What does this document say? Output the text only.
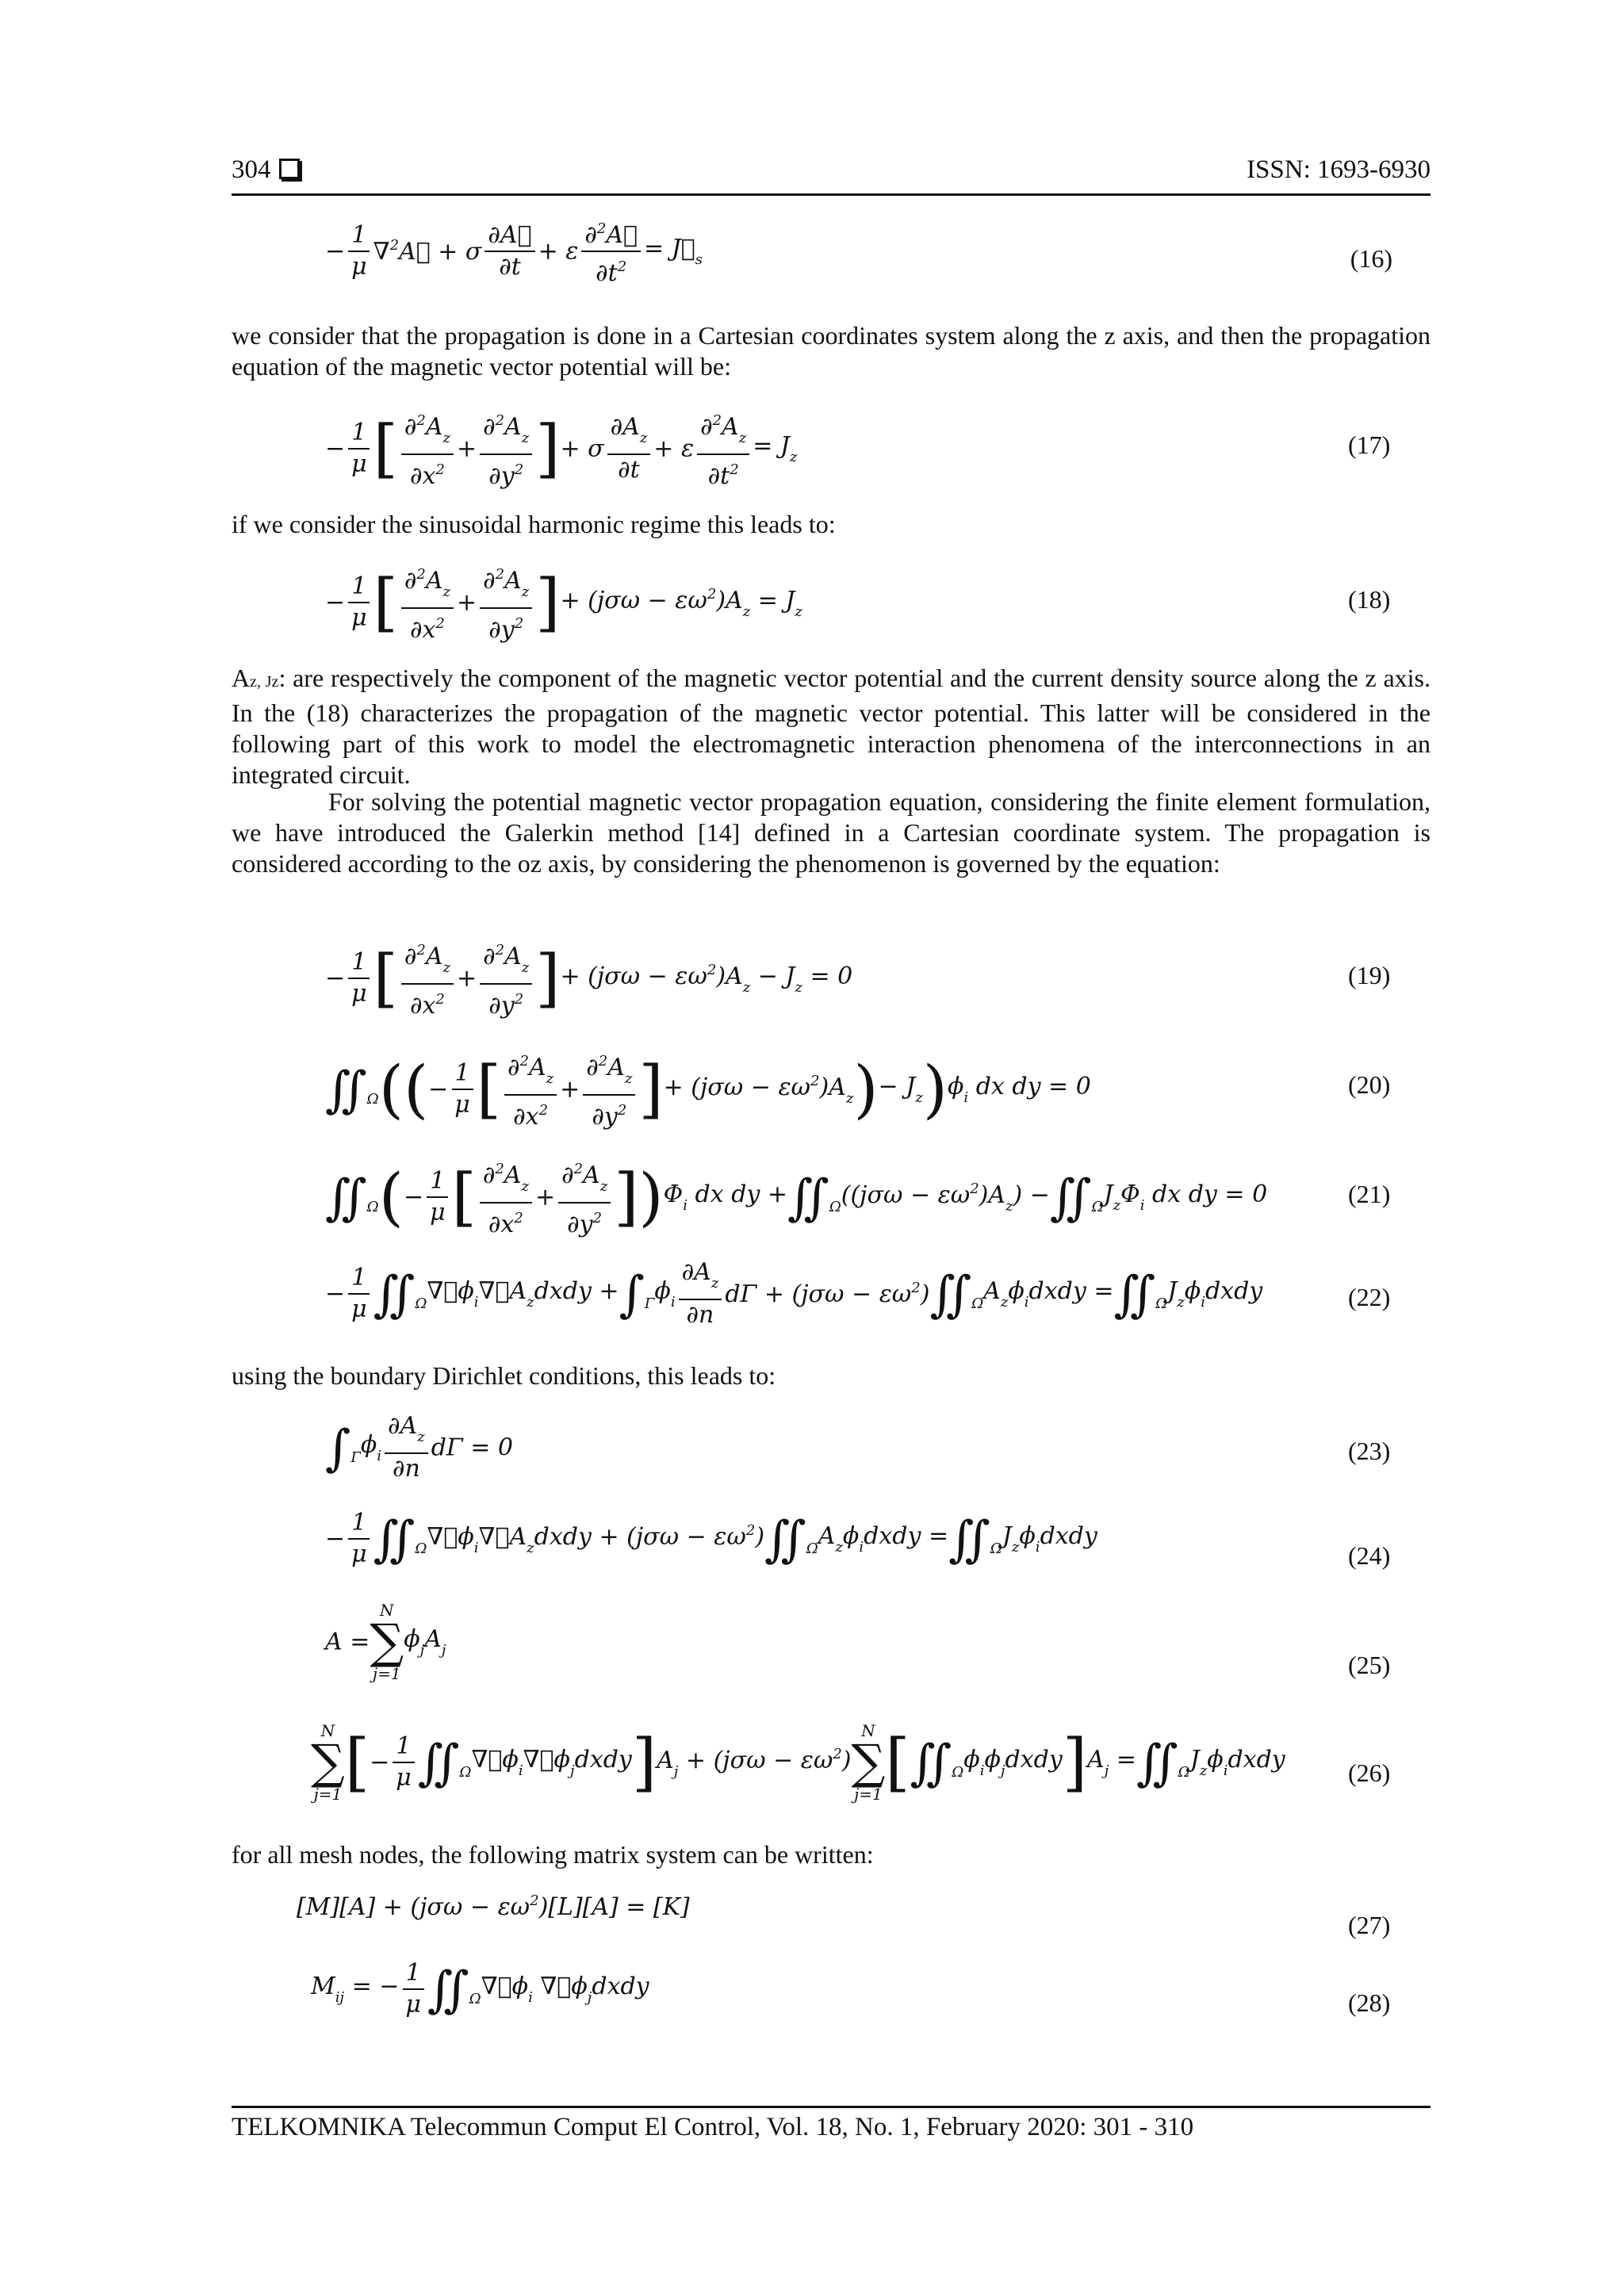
304	ISSN: 1693-6930
− $\frac{1}{\mu}$ ∇$^2$A⃗ + σ $\frac{\partial A⃗}{\partial t} + \varepsilon \frac{\partial^2A⃗}{\partial t^2}$ = $J⃗_s$	(16)
we consider that the propagation is done in a Cartesian coordinates system along the z axis, and then the propagation equation of the magnetic vector potential will be:
− $\frac{1}{\mu}$ [ $\frac{\partial^2A_z}{\partial x^2} + \frac{\partial^2A_z}{\partial y^2}$ ]+ σ $\frac{\partial A_z}{\partial t} + \varepsilon \frac{\partial^2A_z}{\partial t^2} = J_z$	(17)
if we consider the sinusoidal harmonic regime this leads to:
− $\frac{1}{\mu}$ [ $\frac{\partial^2A_z}{\partial x^2} + \frac{\partial^2A_z}{\partial y^2}$ ]+ $(j\sigma\omega - \varepsilon\omega^2)A_z = J_z$	(18)
Az, Jz: are respectively the component of the magnetic vector potential and the current density source along the z axis. In the (18) characterizes the propagation of the magnetic vector potential. This latter will be considered in the following part of this work to model the electromagnetic interaction phenomena of the interconnections in an integrated circuit.
For solving the potential magnetic vector propagation equation, considering the finite element formulation, we have introduced the Galerkin method [14] defined in a Cartesian coordinate system. The propagation is considered according to the oz axis, by considering the phenomenon is governed by the equation:
− $\frac{1}{\mu}$ [ $\frac{\partial^2A_z}{\partial x^2} + \frac{\partial^2A_z}{\partial y^2}$ ]+ $(j\sigma\omega - \varepsilon\omega^2)A_z - J_z = 0$	(19)
$∬_\Omega((- \frac{1}{\mu}$ [ $\frac{\partial^2A_z}{\partial x^2} + \frac{\partial^2A_z}{\partial y^2}$ ]+ $(j\sigma\omega - \varepsilon\omega^2)A_z)- J_z)\phi_i$ dx dy = 0	(20)
$∬_\Omega(- \frac{1}{\mu}$ [ $\frac{\partial^2A_z}{\partial x^2} + \frac{\partial^2A_z}{\partial y^2} ])\Phi_i$ dx dy $+∬_\Omega((j\sigma\omega - \varepsilon\omega^2)A_z)$ $-∬_\Omega J_z\Phi_i$ dx dy = 0	(21)
− $\frac{1}{\mu}$ $∬_\Omega\nabla⃗\phi_i\nabla⃗A_zdxdy +\int_\Gamma\phi_i \frac{\partial A_z}{\partial n}$ $d\Gamma + (j\sigma\omega - \varepsilon\omega^2)∬_\Omega A_z\phi_idxdy$ $=∬_\Omega J_z\phi_idxdy$	(22)
using the boundary Dirichlet conditions, this leads to:
$\int_\Gamma\phi_i \frac{\partial A_z}{\partial n}$ dΓ = 0	(23)
− $\frac{1}{\mu}$ $∬_\Omega\nabla⃗\phi_i\nabla⃗A_zdxdy + (j\sigma\omega$ − $\varepsilon\omega^2)∬_\Omega A_z\phi_idxdy$ $=∬_\Omega J_z\phi_idxdy$
(24)
A =
N
∑
j=1
$\phi_jA_j$
(25)
N
∑
j=1 [− $\frac{1}{\mu}$ $∬_\Omega\nabla⃗\phi_i\nabla⃗\phi_jdxdy]A_j + (j\sigma\omega - \varepsilon\omega^2)$
N
∑
j=1 $[∬_\Omega\phi_i\phi_jdxdy]A_j$ $=∬_\Omega J_z\phi_idxdy$ (26)
for all mesh nodes, the following matrix system can be written:
$[M][A] + (j\sigma\omega - \varepsilon\omega^2)[L][A] = [K]$
(27)
$M_{ij}$ = − $\frac{1}{\mu}$ $∬_\Omega\nabla⃗\phi_i$ $\nabla⃗\phi_jdxdy$
(28)
TELKOMNIKA Telecommun Comput El Control, Vol. 18, No. 1, February 2020: 301 - 310
